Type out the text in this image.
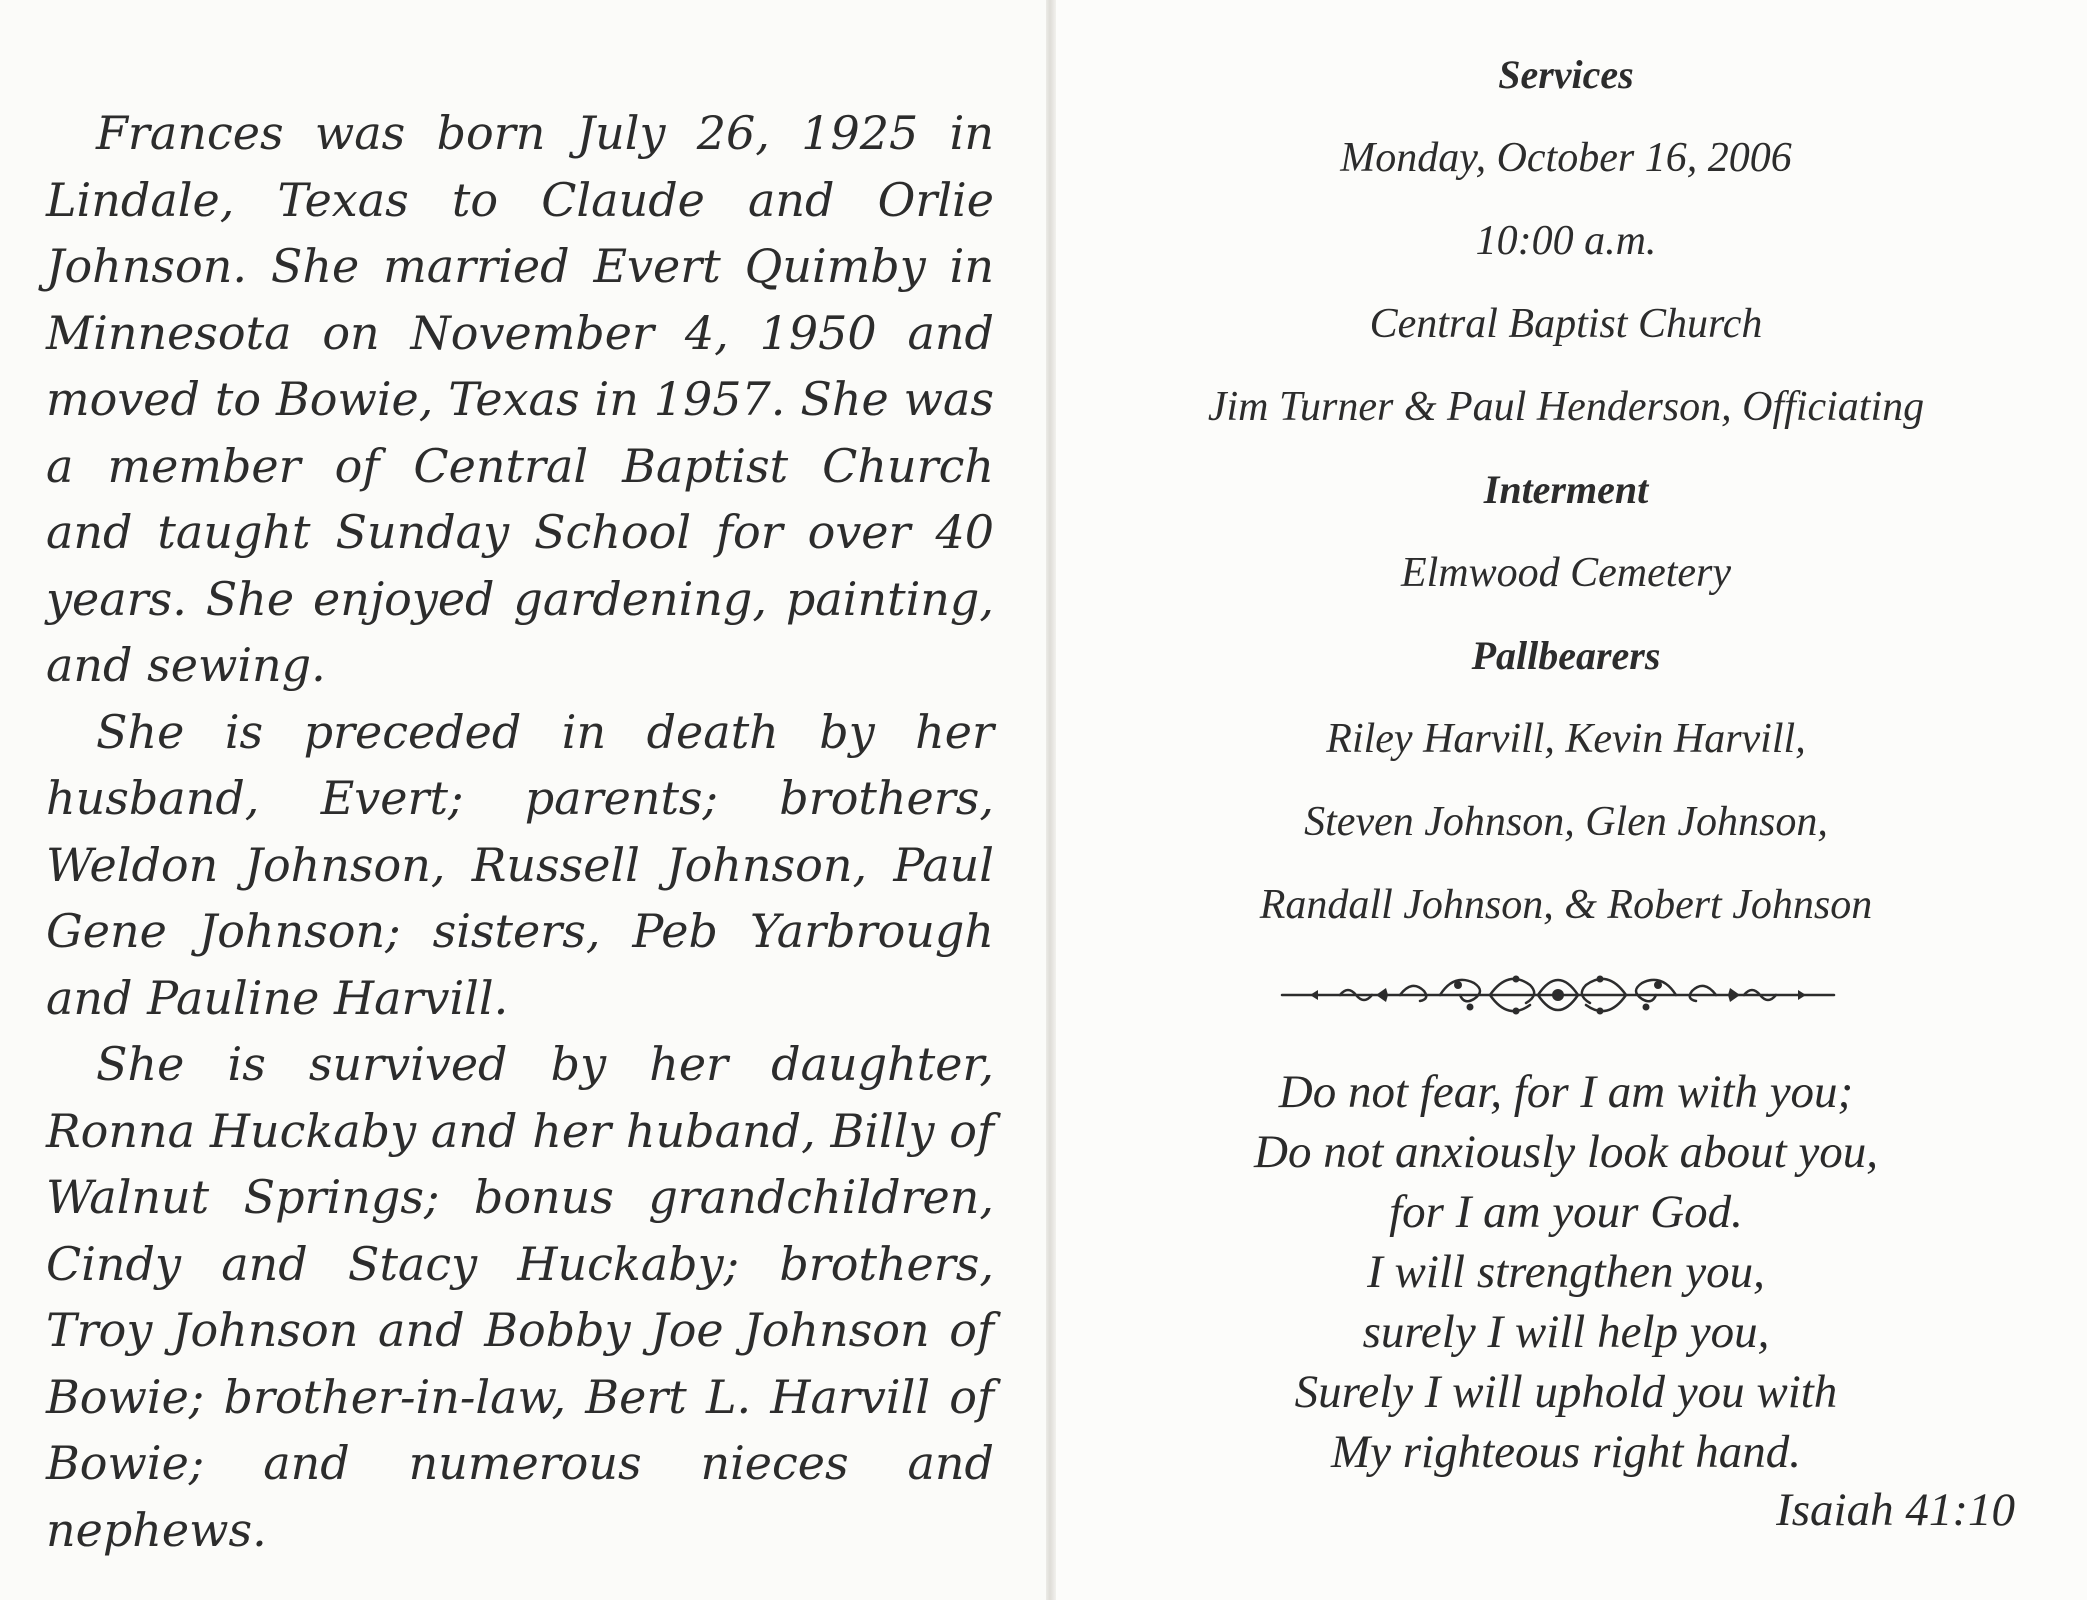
Frances was born July 26, 1925 in Lindale, Texas to Claude and Orlie Johnson. She married Evert Quimby in Minnesota on November 4, 1950 and moved to Bowie, Texas in 1957. She was a member of Central Baptist Church and taught Sunday School for over 40 years. She enjoyed gardening, painting, and sewing.

She is preceded in death by her husband, Evert; parents; brothers, Weldon Johnson, Russell Johnson, Paul Gene Johnson; sisters, Peb Yarbrough and Pauline Harvill.

She is survived by her daughter, Ronna Huckaby and her huband, Billy of Walnut Springs; bonus grandchildren, Cindy and Stacy Huckaby; brothers, Troy Johnson and Bobby Joe Johnson of Bowie; brother-in-law, Bert L. Harvill of Bowie; and numerous nieces and nephews.

Services
Monday, October 16, 2006
10:00 a.m.
Central Baptist Church
Jim Turner & Paul Henderson, Officiating
Interment
Elmwood Cemetery
Pallbearers
Riley Harvill, Kevin Harvill,
Steven Johnson, Glen Johnson,
Randall Johnson, & Robert Johnson
Do not fear, for I am with you;
Do not anxiously look about you,
for I am your God.
I will strengthen you,
surely I will help you,
Surely I will uphold you with
My righteous right hand.
Isaiah 41:10
